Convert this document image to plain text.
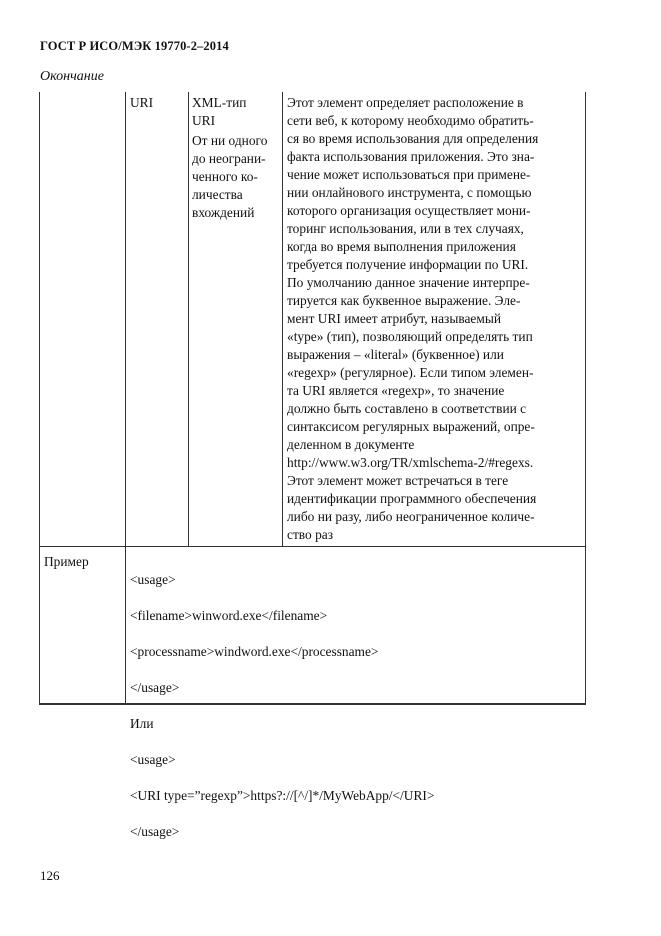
ГОСТ Р ИСО/МЭК 19770-2–2014
Окончание
URI	XML-тип
URI
От ни одного
до неограни-
ченного ко-
личества
вхождений
Этот элемент определяет расположение в
сети веб, к которому необходимо обратить-
ся во время использования для определения
факта использования приложения. Это зна-
чение может использоваться при примене-
нии онлайнового инструмента, с помощью
которого организация осуществляет мони-
торинг использования, или в тех случаях,
когда во время выполнения приложения
требуется получение информации по URI.
По умолчанию данное значение интерпре-
тируется как буквенное выражение. Эле-
мент URI имеет атрибут, называемый
«type» (тип), позволяющий определять тип
выражения – «literal» (буквенное) или
«regexp» (регулярное). Если типом элемен-
та URI является «regexp», то значение
должно быть составлено в соответствии с
синтаксисом регулярных выражений, опре-
деленном в документе
http://www.w3.org/TR/xmlschema-2/#regexs.
Этот элемент может встречаться в теге
идентификации программного обеспечения
либо ни разу, либо неограниченное количе-
ство раз
Пример

<usage>

<filename>winword.exe</filename>

<processname>windword.exe</processname>

</usage>

Или

<usage>

<URI type=”regexp”>https?://[^/]*/MyWebApp/</URI>

</usage>

126
